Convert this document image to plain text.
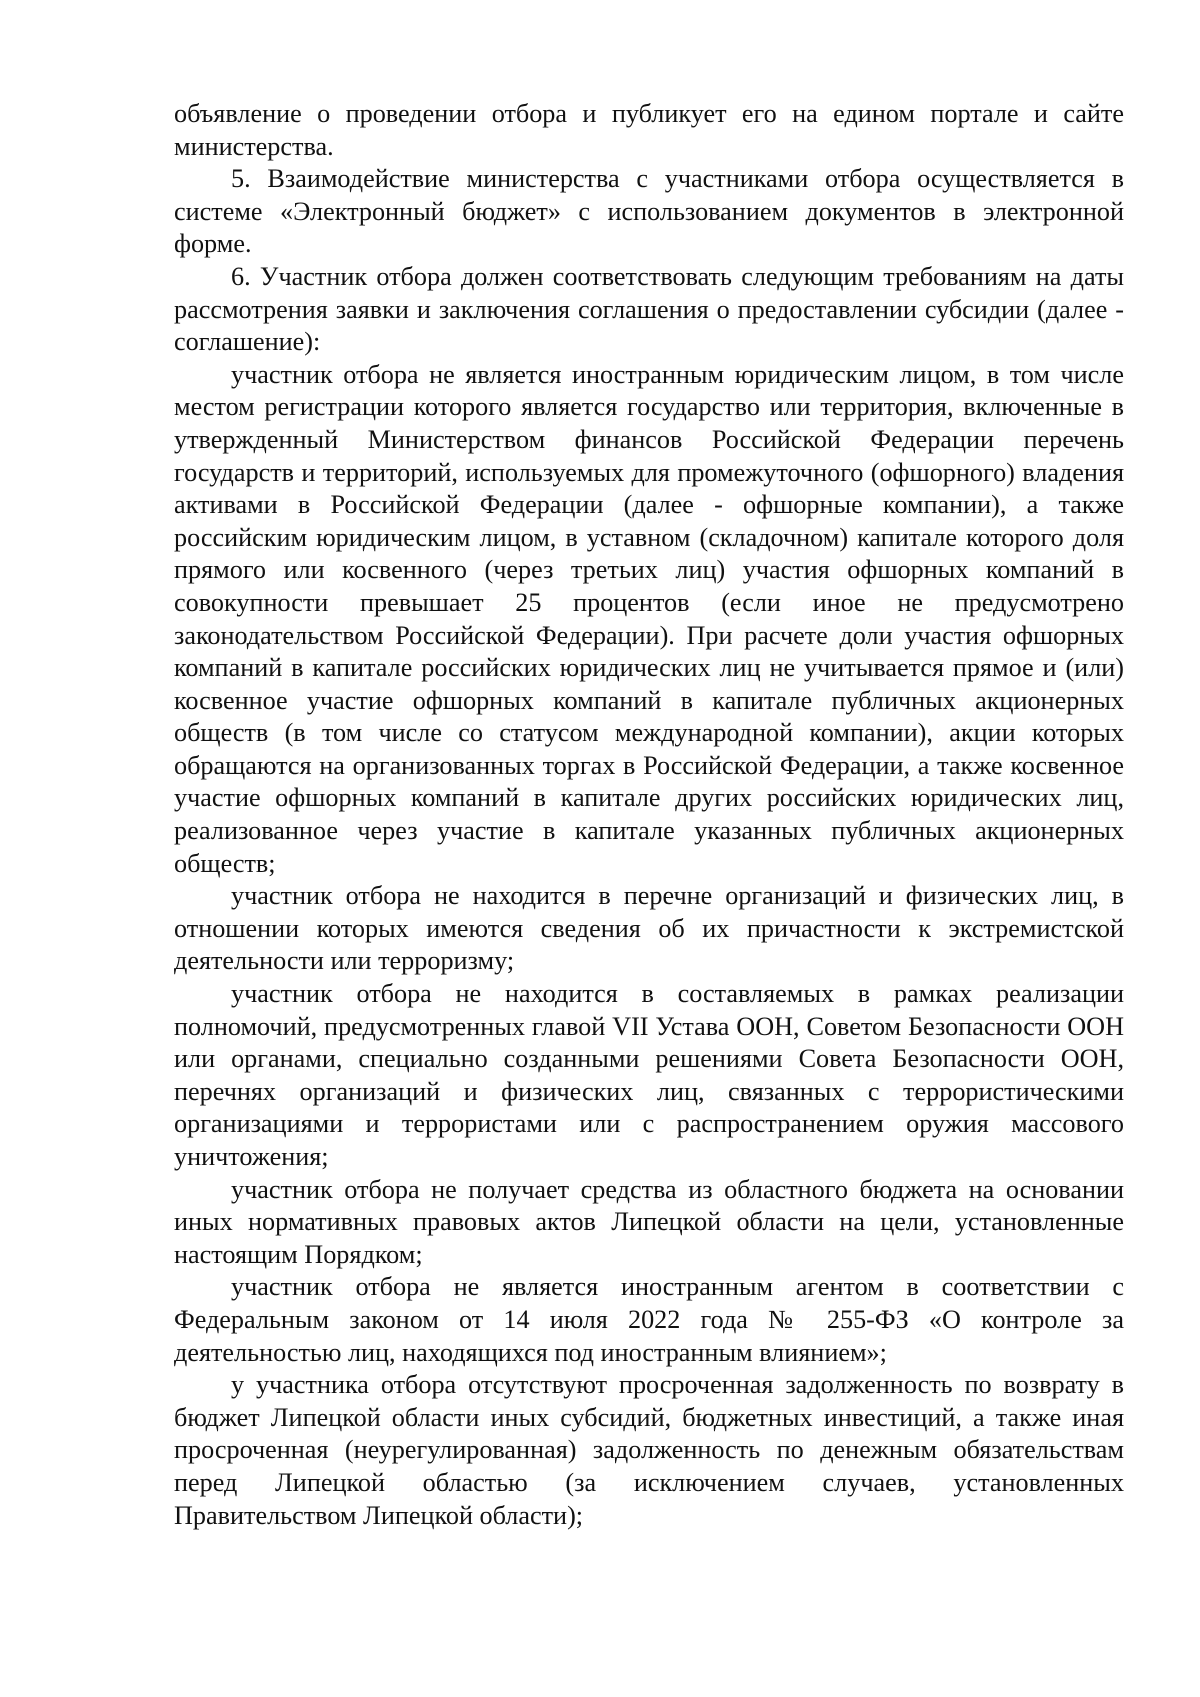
объявление о проведении отбора и публикует его на едином портале и сайте министерства.

5. Взаимодействие министерства с участниками отбора осуществляется в системе «Электронный бюджет» с использованием документов в электронной форме.

6. Участник отбора должен соответствовать следующим требованиям на даты рассмотрения заявки и заключения соглашения о предоставлении субсидии (далее - соглашение):

участник отбора не является иностранным юридическим лицом, в том числе местом регистрации которого является государство или территория, включенные в утвержденный Министерством финансов Российской Федерации перечень государств и территорий, используемых для промежуточного (офшорного) владения активами в Российской Федерации (далее - офшорные компании), а также российским юридическим лицом, в уставном (складочном) капитале которого доля прямого или косвенного (через третьих лиц) участия офшорных компаний в совокупности превышает 25 процентов (если иное не предусмотрено законодательством Российской Федерации). При расчете доли участия офшорных компаний в капитале российских юридических лиц не учитывается прямое и (или) косвенное участие офшорных компаний в капитале публичных акционерных обществ (в том числе со статусом международной компании), акции которых обращаются на организованных торгах в Российской Федерации, а также косвенное участие офшорных компаний в капитале других российских юридических лиц, реализованное через участие в капитале указанных публичных акционерных обществ;

участник отбора не находится в перечне организаций и физических лиц, в отношении которых имеются сведения об их причастности к экстремистской деятельности или терроризму;

участник отбора не находится в составляемых в рамках реализации полномочий, предусмотренных главой VII Устава ООН, Советом Безопасности ООН или органами, специально созданными решениями Совета Безопасности ООН, перечнях организаций и физических лиц, связанных с террористическими организациями и террористами или с распространением оружия массового уничтожения;

участник отбора не получает средства из областного бюджета на основании иных нормативных правовых актов Липецкой области на цели, установленные настоящим Порядком;

участник отбора не является иностранным агентом в соответствии с Федеральным законом от 14 июля 2022 года № 255-ФЗ «О контроле за деятельностью лиц, находящихся под иностранным влиянием»;

у участника отбора отсутствуют просроченная задолженность по возврату в бюджет Липецкой области иных субсидий, бюджетных инвестиций, а также иная просроченная (неурегулированная) задолженность по денежным обязательствам перед Липецкой областью (за исключением случаев, установленных Правительством Липецкой области);
